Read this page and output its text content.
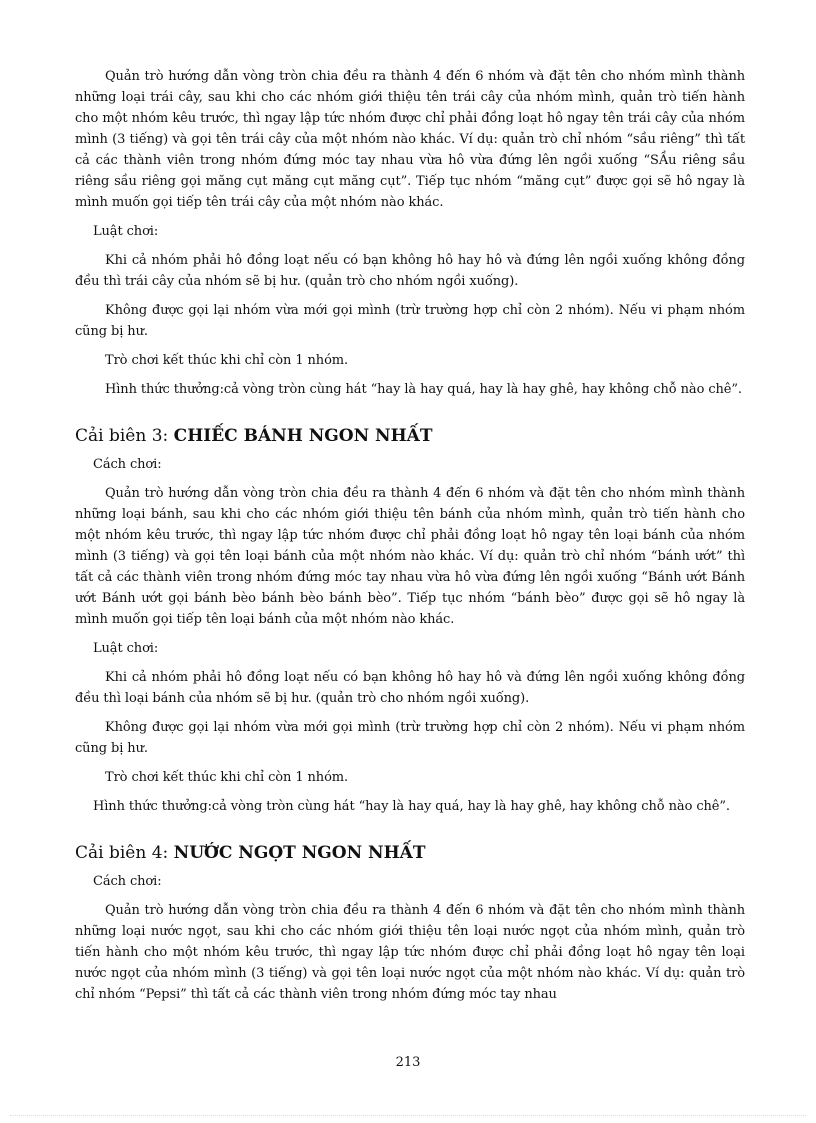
Quản trò hướng dẫn vòng tròn chia đều ra thành 4 đến 6 nhóm và đặt tên cho nhóm mình thành những loại trái cây, sau khi cho các nhóm giới thiệu tên trái cây của nhóm mình, quản trò tiến hành cho một nhóm kêu trước, thì ngay lập tức nhóm được chỉ phải đồng loạt hô ngay tên trái cây của nhóm mình (3 tiếng) và gọi tên trái cây của một nhóm nào khác. Ví dụ: quản trò chỉ nhóm “sầu riêng” thì tất cả các thành viên trong nhóm đứng móc tay nhau vừa hô vừa đứng lên ngồi xuống “SẦu riêng sầu riêng sầu riêng gọi măng cụt măng cụt măng cụt”. Tiếp tục nhóm “măng cụt” được gọi sẽ hô ngay là mình muốn gọi tiếp tên trái cây của một nhóm nào khác.

Luật chơi:

Khi cả nhóm phải hô đồng loạt nếu có bạn không hô hay hô và đứng lên ngồi xuống không đồng đều thì trái cây của nhóm sẽ bị hư. (quản trò cho nhóm ngồi xuống).

Không được gọi lại nhóm vừa mới gọi mình (trừ trường hợp chỉ còn 2 nhóm). Nếu vi phạm nhóm cũng bị hư.

Trò chơi kết thúc khi chỉ còn 1 nhóm.

Hình thức thưởng:cả vòng tròn cùng hát “hay là hay quá, hay là hay ghê, hay không chỗ nào chê”.

Cải biên 3: CHIẾC BÁNH NGON NHẤT

Cách chơi:

Quản trò hướng dẫn vòng tròn chia đều ra thành 4 đến 6 nhóm và đặt tên cho nhóm mình thành những loại bánh, sau khi cho các nhóm giới thiệu tên bánh của nhóm mình, quản trò tiến hành cho một nhóm kêu trước, thì ngay lập tức nhóm được chỉ phải đồng loạt hô ngay tên loại bánh của nhóm mình (3 tiếng) và gọi tên loại bánh của một nhóm nào khác. Ví dụ: quản trò chỉ nhóm “bánh ướt” thì tất cả các thành viên trong nhóm đứng móc tay nhau vừa hô vừa đứng lên ngồi xuống “Bánh ướt Bánh ướt Bánh ướt gọi bánh bèo bánh bèo bánh bèo”. Tiếp tục nhóm “bánh bèo” được gọi sẽ hô ngay là mình muốn gọi tiếp tên loại bánh của một nhóm nào khác.

Luật chơi:

Khi cả nhóm phải hô đồng loạt nếu có bạn không hô hay hô và đứng lên ngồi xuống không đồng đều thì loại bánh của nhóm sẽ bị hư. (quản trò cho nhóm ngồi xuống).

Không được gọi lại nhóm vừa mới gọi mình (trừ trường hợp chỉ còn 2 nhóm). Nếu vi phạm nhóm cũng bị hư.

Trò chơi kết thúc khi chỉ còn 1 nhóm.

Hình thức thưởng:cả vòng tròn cùng hát “hay là hay quá, hay là hay ghê, hay không chỗ nào chê”.

Cải biên 4: NƯỚC NGỌT NGON NHẤT

Cách chơi:

Quản trò hướng dẫn vòng tròn chia đều ra thành 4 đến 6 nhóm và đặt tên cho nhóm mình thành những loại nước ngọt, sau khi cho các nhóm giới thiệu tên loại nước ngọt của nhóm mình, quản trò tiến hành cho một nhóm kêu trước, thì ngay lập tức nhóm được chỉ phải đồng loạt hô ngay tên loại nước ngọt của nhóm mình (3 tiếng) và gọi tên loại nước ngọt của một nhóm nào khác. Ví dụ: quản trò chỉ nhóm “Pepsi” thì tất cả các thành viên trong nhóm đứng móc tay nhau

213
